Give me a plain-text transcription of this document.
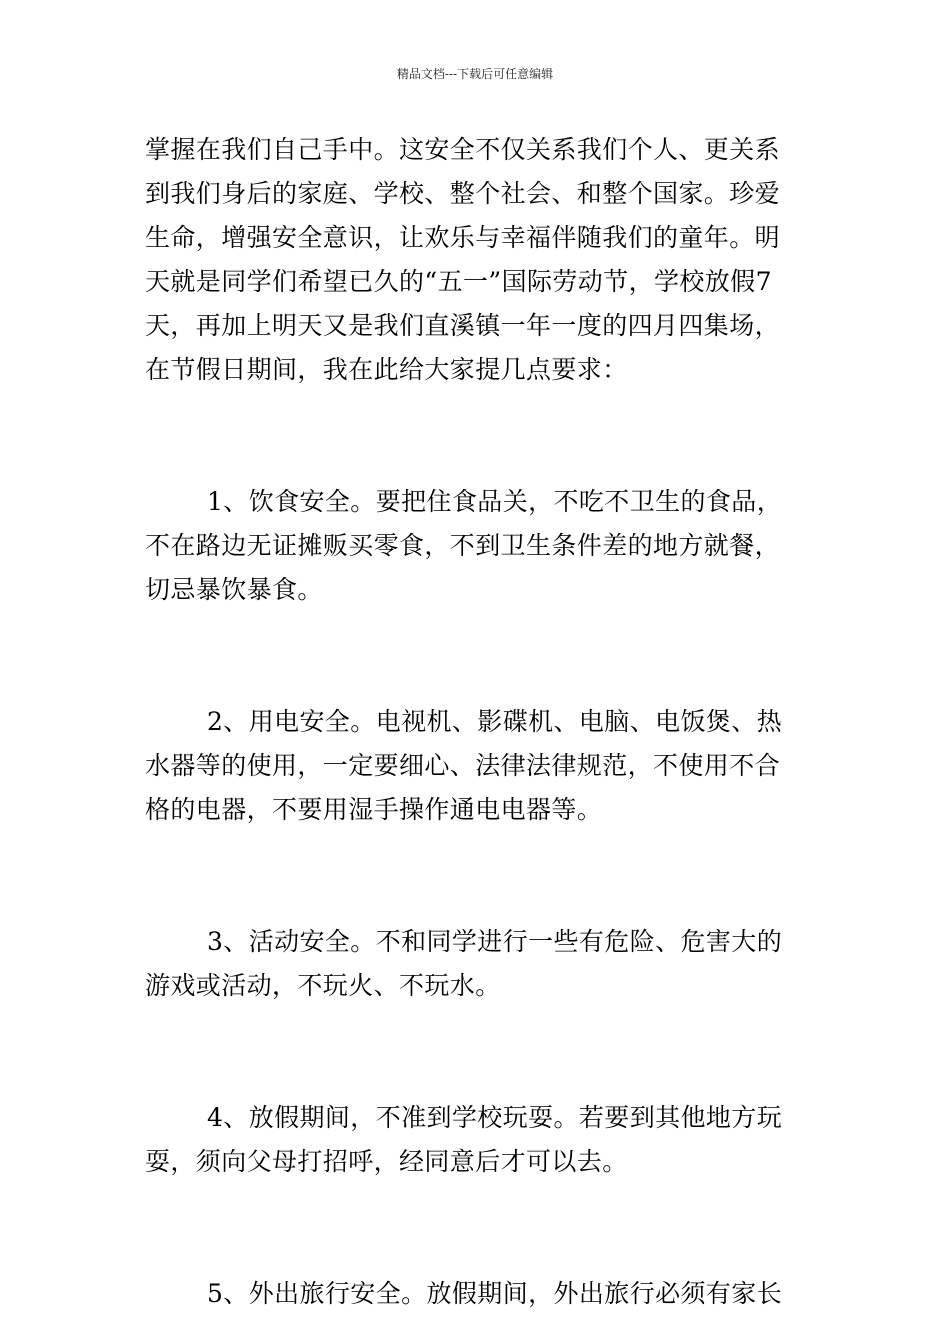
精品文档---下载后可任意编辑

掌握在我们自己手中。这安全不仅关系我们个人、更关系
到我们身后的家庭、学校、整个社会、和整个国家。珍爱
生命，增强安全意识，让欢乐与幸福伴随我们的童年。明
天就是同学们希望已久的“五一”国际劳动节，学校放假7
天，再加上明天又是我们直溪镇一年一度的四月四集场，
在节假日期间，我在此给大家提几点要求：

1、饮食安全。要把住食品关，不吃不卫生的食品，
不在路边无证摊贩买零食，不到卫生条件差的地方就餐，
切忌暴饮暴食。

2、用电安全。电视机、影碟机、电脑、电饭煲、热
水器等的使用，一定要细心、法律法律规范，不使用不合
格的电器，不要用湿手操作通电电器等。

3、活动安全。不和同学进行一些有危险、危害大的
游戏或活动，不玩火、不玩水。

4、放假期间，不准到学校玩耍。若要到其他地方玩
耍，须向父母打招呼，经同意后才可以去。

5、外出旅行安全。放假期间，外出旅行必须有家长
